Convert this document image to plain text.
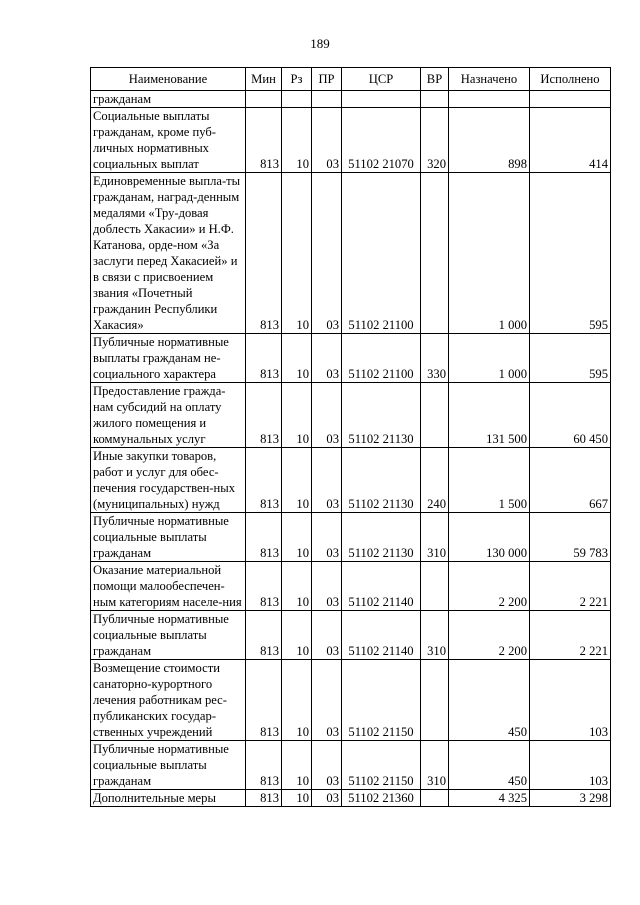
189
Наименование	Мин	Рз	ПР	ЦСР	ВР	Назначено	Исполнено
гражданам							
Социальные выплаты гражданам, кроме пуб-личных нормативных социальных выплат	813	10	03	51102 21070	320	898	414
Единовременные выпла-ты гражданам, наград-денным медалями «Тру-довая доблесть Хакасии» и Н.Ф. Катанова, орде-ном «За заслуги перед Хакасией» и в связи с присвоением звания «Почетный гражданин Республики Хакасия»	813	10	03	51102 21100		1 000	595
Публичные нормативные выплаты гражданам не-социального характера	813	10	03	51102 21100	330	1 000	595
Предоставление гражда-нам субсидий на оплату жилого помещения и коммунальных услуг	813	10	03	51102 21130		131 500	60 450
Иные закупки товаров, работ и услуг для обес-печения государствен-ных (муниципальных) нужд	813	10	03	51102 21130	240	1 500	667
Публичные нормативные социальные выплаты гражданам	813	10	03	51102 21130	310	130 000	59 783
Оказание материальной помощи малообеспечен-ным категориям населе-ния	813	10	03	51102 21140		2 200	2 221
Публичные нормативные социальные выплаты гражданам	813	10	03	51102 21140	310	2 200	2 221
Возмещение стоимости санаторно-курортного лечения работникам рес-публиканских государ-ственных учреждений	813	10	03	51102 21150		450	103
Публичные нормативные социальные выплаты гражданам	813	10	03	51102 21150	310	450	103
Дополнительные меры	813	10	03	51102 21360		4 325	3 298
